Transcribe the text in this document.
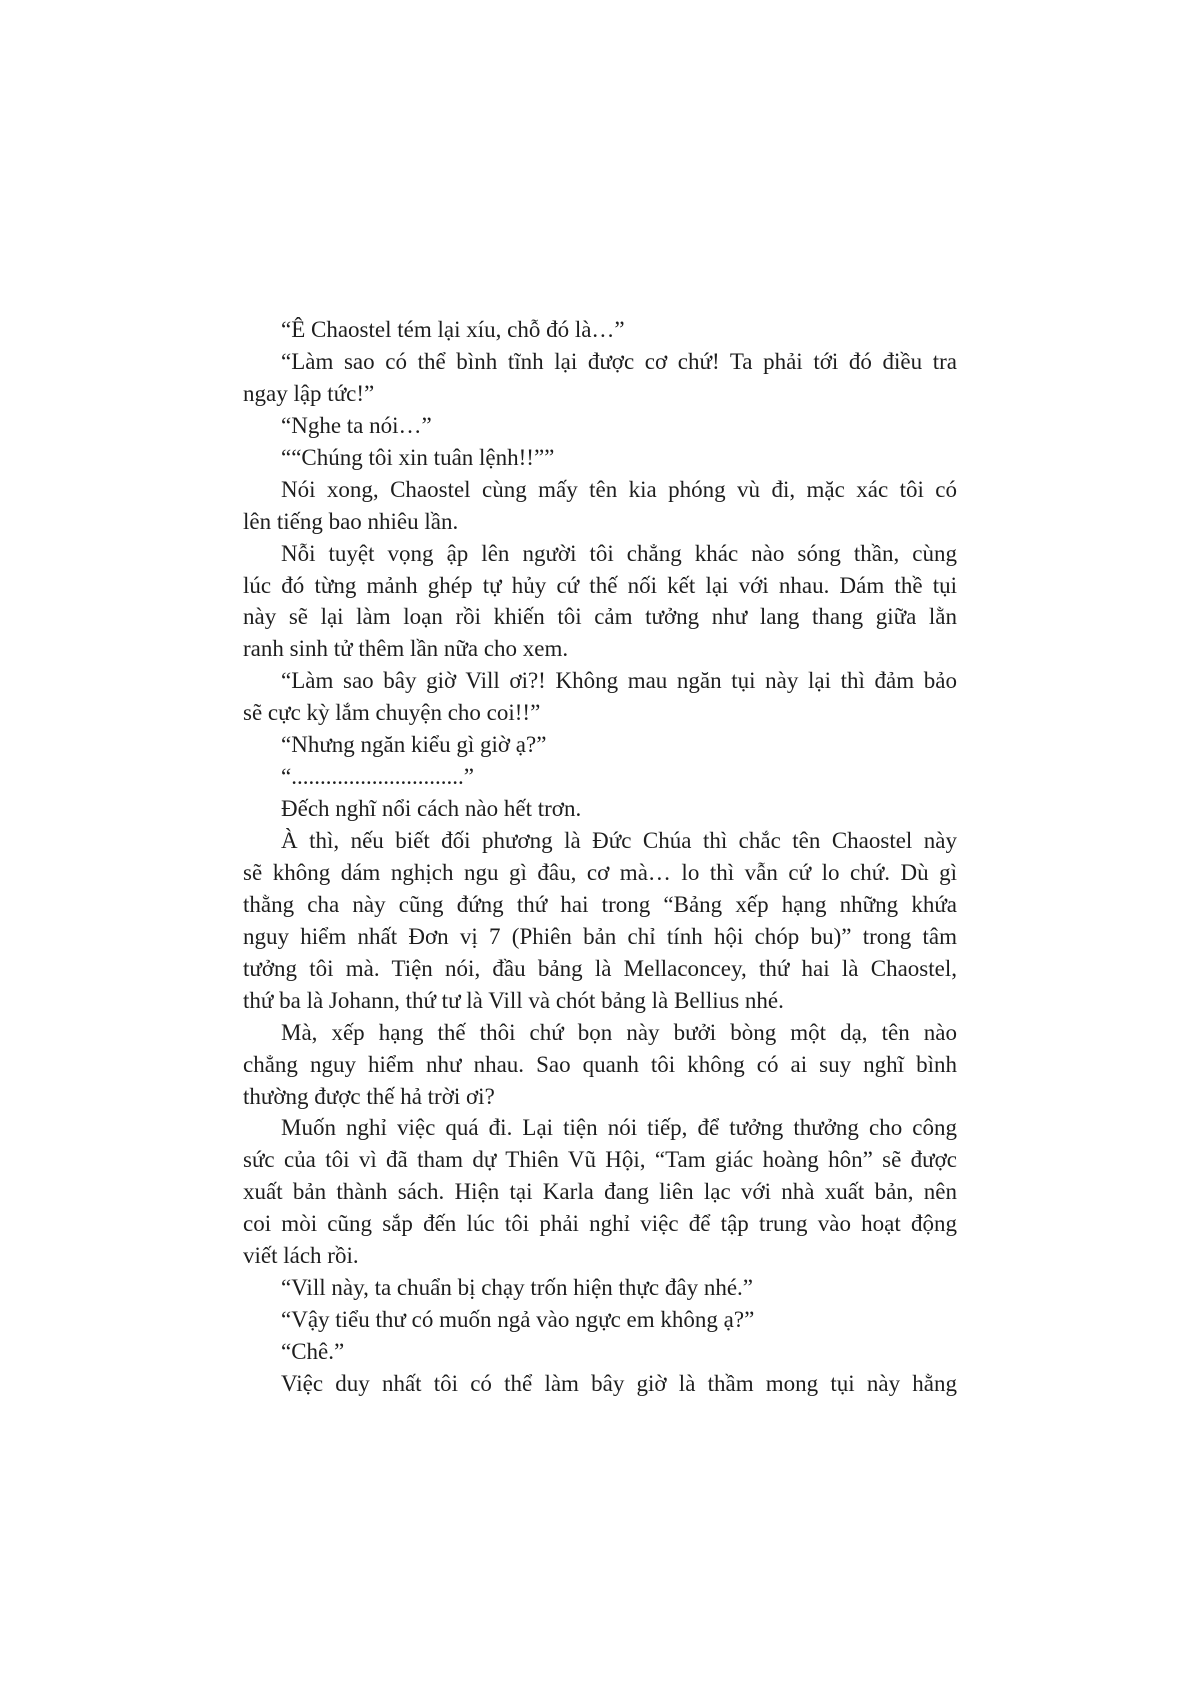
“Ê Chaostel tém lại xíu, chỗ đó là…”
“Làm sao có thể bình tĩnh lại được cơ chứ! Ta phải tới đó điều tra
ngay lập tức!”
“Nghe ta nói…”
““Chúng tôi xin tuân lệnh!!””
Nói xong, Chaostel cùng mấy tên kia phóng vù đi, mặc xác tôi có
lên tiếng bao nhiêu lần.
Nỗi tuyệt vọng ập lên người tôi chẳng khác nào sóng thần, cùng
lúc đó từng mảnh ghép tự hủy cứ thế nối kết lại với nhau. Dám thề tụi
này sẽ lại làm loạn rồi khiến tôi cảm tưởng như lang thang giữa lằn
ranh sinh tử thêm lần nữa cho xem.
“Làm sao bây giờ Vill ơi?! Không mau ngăn tụi này lại thì đảm bảo
sẽ cực kỳ lắm chuyện cho coi!!”
“Nhưng ngăn kiểu gì giờ ạ?”
“..............................”
Đếch nghĩ nổi cách nào hết trơn.
À thì, nếu biết đối phương là Đức Chúa thì chắc tên Chaostel này
sẽ không dám nghịch ngu gì đâu, cơ mà… lo thì vẫn cứ lo chứ. Dù gì
thằng cha này cũng đứng thứ hai trong “Bảng xếp hạng những khứa
nguy hiểm nhất Đơn vị 7 (Phiên bản chỉ tính hội chóp bu)” trong tâm
tưởng tôi mà. Tiện nói, đầu bảng là Mellaconcey, thứ hai là Chaostel,
thứ ba là Johann, thứ tư là Vill và chót bảng là Bellius nhé.
Mà, xếp hạng thế thôi chứ bọn này bưởi bòng một dạ, tên nào
chẳng nguy hiểm như nhau. Sao quanh tôi không có ai suy nghĩ bình
thường được thế hả trời ơi?
Muốn nghỉ việc quá đi. Lại tiện nói tiếp, để tưởng thưởng cho công
sức của tôi vì đã tham dự Thiên Vũ Hội, “Tam giác hoàng hôn” sẽ được
xuất bản thành sách. Hiện tại Karla đang liên lạc với nhà xuất bản, nên
coi mòi cũng sắp đến lúc tôi phải nghỉ việc để tập trung vào hoạt động
viết lách rồi.
“Vill này, ta chuẩn bị chạy trốn hiện thực đây nhé.”
“Vậy tiểu thư có muốn ngả vào ngực em không ạ?”
“Chê.”
Việc duy nhất tôi có thể làm bây giờ là thầm mong tụi này hằng
